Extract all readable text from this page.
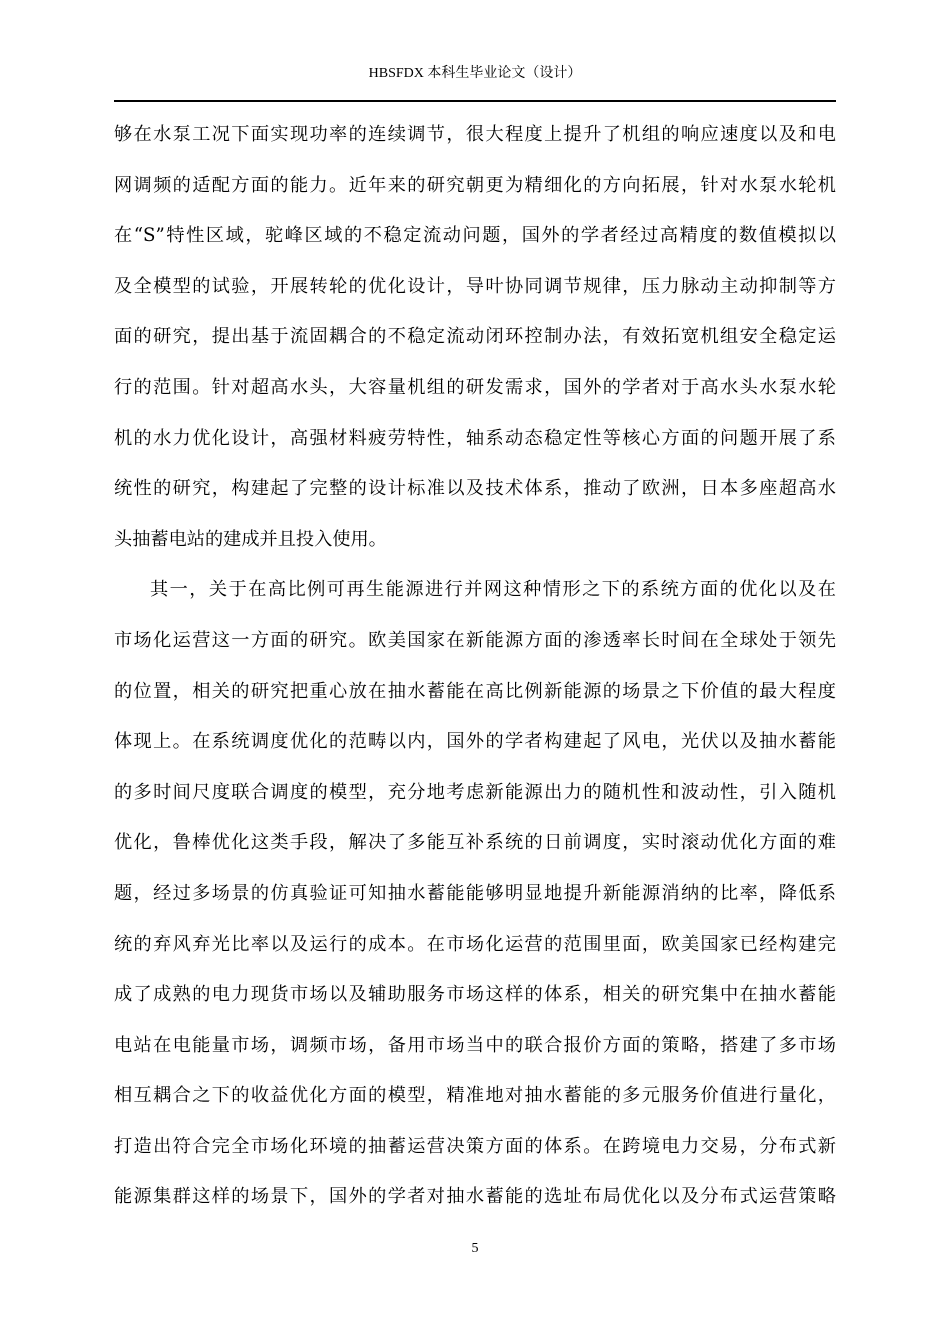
HBSFDX 本科生毕业论文（设计）
够在水泵工况下面实现功率的连续调节，很大程度上提升了机组的响应速度以及和电
网调频的适配方面的能力。近年来的研究朝更为精细化的方向拓展，针对水泵水轮机
在“S”特性区域，驼峰区域的不稳定流动问题，国外的学者经过高精度的数值模拟以
及全模型的试验，开展转轮的优化设计，导叶协同调节规律，压力脉动主动抑制等方
面的研究，提出基于流固耦合的不稳定流动闭环控制办法，有效拓宽机组安全稳定运
行的范围。针对超高水头，大容量机组的研发需求，国外的学者对于高水头水泵水轮
机的水力优化设计，高强材料疲劳特性，轴系动态稳定性等核心方面的问题开展了系
统性的研究，构建起了完整的设计标准以及技术体系，推动了欧洲，日本多座超高水
头抽蓄电站的建成并且投入使用。
其一，关于在高比例可再生能源进行并网这种情形之下的系统方面的优化以及在
市场化运营这一方面的研究。欧美国家在新能源方面的渗透率长时间在全球处于领先
的位置，相关的研究把重心放在抽水蓄能在高比例新能源的场景之下价值的最大程度
体现上。在系统调度优化的范畴以内，国外的学者构建起了风电，光伏以及抽水蓄能
的多时间尺度联合调度的模型，充分地考虑新能源出力的随机性和波动性，引入随机
优化，鲁棒优化这类手段，解决了多能互补系统的日前调度，实时滚动优化方面的难
题，经过多场景的仿真验证可知抽水蓄能能够明显地提升新能源消纳的比率，降低系
统的弃风弃光比率以及运行的成本。在市场化运营的范围里面，欧美国家已经构建完
成了成熟的电力现货市场以及辅助服务市场这样的体系，相关的研究集中在抽水蓄能
电站在电能量市场，调频市场，备用市场当中的联合报价方面的策略，搭建了多市场
相互耦合之下的收益优化方面的模型，精准地对抽水蓄能的多元服务价值进行量化，
打造出符合完全市场化环境的抽蓄运营决策方面的体系。在跨境电力交易，分布式新
能源集群这样的场景下，国外的学者对抽水蓄能的选址布局优化以及分布式运营策略
5
